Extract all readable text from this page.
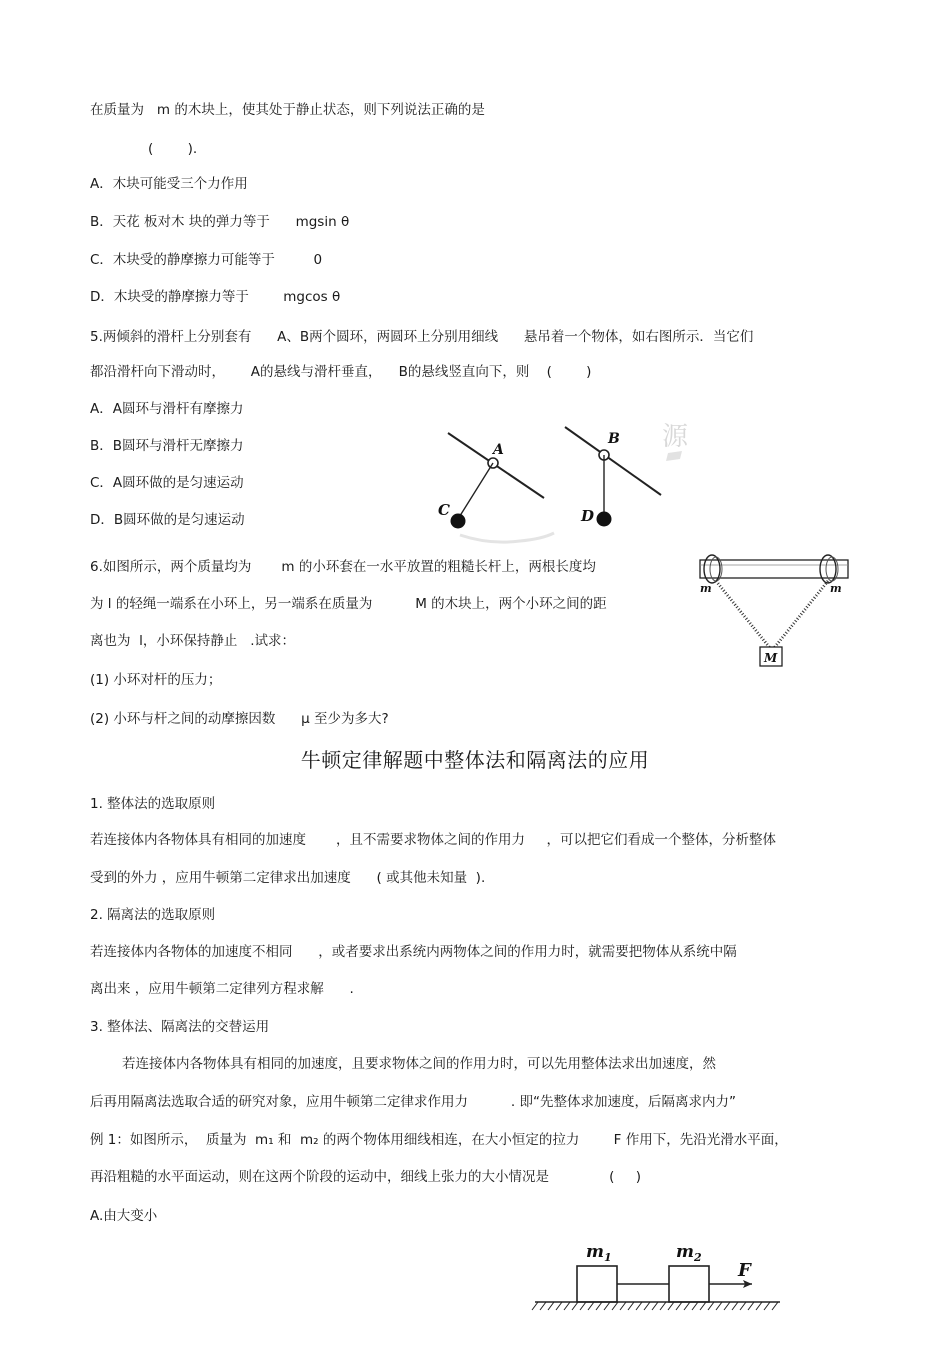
在质量为   m 的木块上，使其处于静止状态，则下列说法正确的是
(        ).
A．木块可能受三个力作用
B．天花 板对木 块的弹力等于      mgsin θ
C．木块受的静摩擦力可能等于         0
D．木块受的静摩擦力等于        mgcos θ
5.两倾斜的滑杆上分别套有      A、B两个圆环，两圆环上分别用细线      悬吊着一个物体，如右图所示．当它们
都沿滑杆向下滑动时，      A的悬线与滑杆垂直，    B的悬线竖直向下，则    (        )
A．A圆环与滑杆有摩擦力
B．B圆环与滑杆无摩擦力
C．A圆环做的是匀速运动
D．B圆环做的是匀速运动
源
A
C
B
D
6.如图所示，两个质量均为       m 的小环套在一水平放置的粗糙长杆上，两根长度均
为 l 的轻绳一端系在小环上，另一端系在质量为          M 的木块上，两个小环之间的距
离也为  l，小环保持静止   .试求：
(1) 小环对杆的压力；
(2) 小环与杆之间的动摩擦因数      μ 至少为多大?
m	m
M
牛顿定律解题中整体法和隔离法的应用
1. 整体法的选取原则
若连接体内各物体具有相同的加速度       ，且不需要求物体之间的作用力     ，可以把它们看成一个整体，分析整体
受到的外力 ，应用牛顿第二定律求出加速度      ( 或其他未知量  ).
2. 隔离法的选取原则
若连接体内各物体的加速度不相同      ，或者要求出系统内两物体之间的作用力时，就需要把物体从系统中隔
离出来 ，应用牛顿第二定律列方程求解      .
3. 整体法、隔离法的交替运用
若连接体内各物体具有相同的加速度，且要求物体之间的作用力时，可以先用整体法求出加速度，然
后再用隔离法选取合适的研究对象，应用牛顿第二定律求作用力          . 即“先整体求加速度，后隔离求内力”
例 1：如图所示，  质量为  m₁ 和  m₂ 的两个物体用细线相连，在大小恒定的拉力        F 作用下，先沿光滑水平面，
再沿粗糙的水平面运动，则在这两个阶段的运动中，细线上张力的大小情况是              (     )
A.由大变小
$m_1$	$m_2$
F
